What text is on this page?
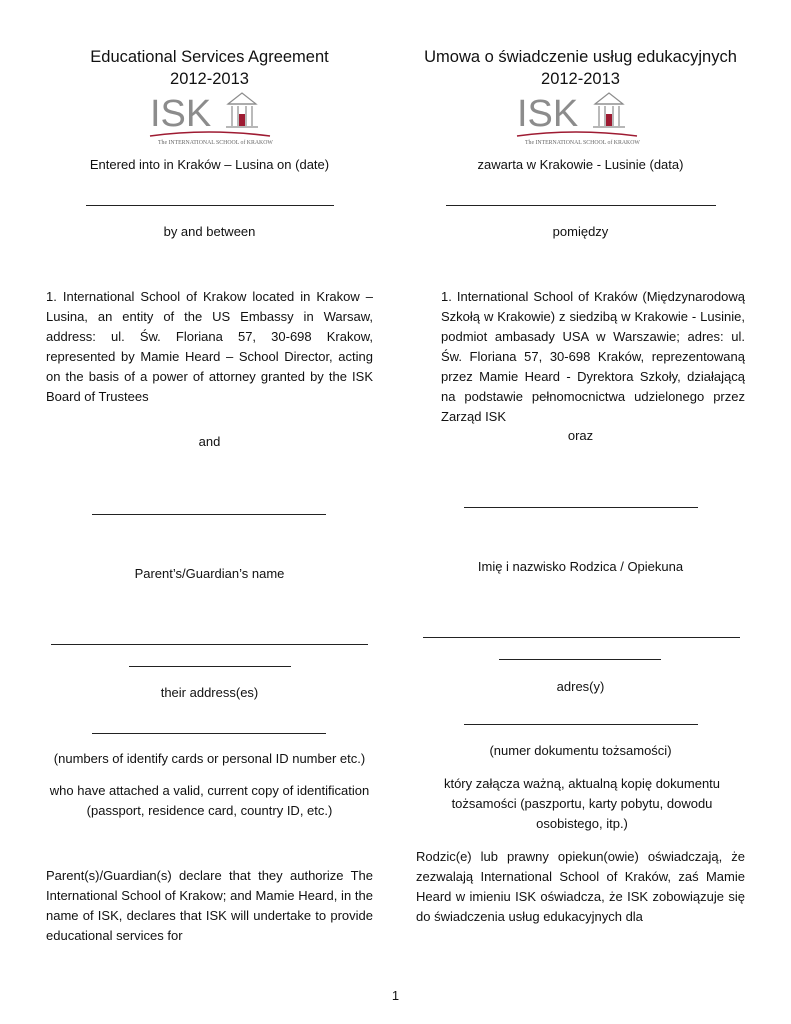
Educational Services Agreement
2012-2013
ISK
The INTERNATIONAL SCHOOL of KRAKOW
Entered into in Kraków – Lusina on (date)
by and between
1. International School of Krakow located in Krakow – Lusina, an entity of the US Embassy in Warsaw, address: ul. Św. Floriana 57, 30-698 Krakow, represented by Mamie Heard – School Director, acting on the basis of a power of attorney granted by the ISK Board of Trustees
and
Parent’s/Guardian’s name
their address(es)
(numbers of identify cards or personal ID number etc.)
who have attached a valid, current copy of identification (passport, residence card, country ID, etc.)
Parent(s)/Guardian(s) declare that they authorize The International School of Krakow; and Mamie Heard, in the name of ISK, declares that ISK will undertake to provide educational services for
Umowa o świadczenie usług edukacyjnych
2012-2013
ISK
The INTERNATIONAL SCHOOL of KRAKOW
zawarta w Krakowie - Lusinie (data)
pomiędzy
1. International School of Kraków (Międzynarodową Szkołą w Krakowie) z siedzibą w Krakowie - Lusinie, podmiot ambasady USA w Warszawie; adres: ul. Św. Floriana 57, 30-698 Kraków, reprezentowaną przez Mamie Heard - Dyrektora Szkoły, działającą na podstawie pełnomocnictwa udzielonego przez Zarząd ISK
oraz
Imię i nazwisko Rodzica / Opiekuna
adres(y)
(numer dokumentu tożsamości)
który załącza ważną, aktualną kopię dokumentu tożsamości (paszportu, karty pobytu, dowodu osobistego, itp.)
Rodzic(e) lub prawny opiekun(owie) oświadczają, że zezwalają International School of Kraków, zaś Mamie Heard w imieniu ISK oświadcza, że ISK zobowiązuje się do świadczenia usług edukacyjnych dla
1
